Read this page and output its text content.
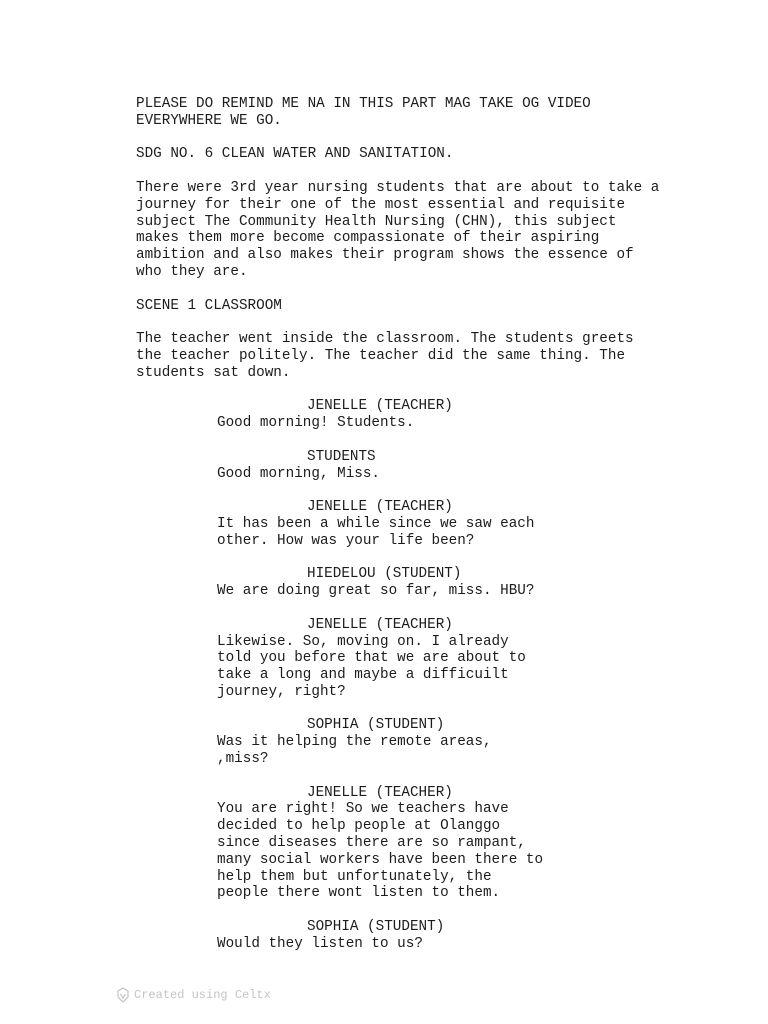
PLEASE DO REMIND ME NA IN THIS PART MAG TAKE OG VIDEO
EVERYWHERE WE GO.
SDG NO. 6 CLEAN WATER AND SANITATION.
There were 3rd year nursing students that are about to take a
journey for their one of the most essential and requisite
subject The Community Health Nursing (CHN), this subject
makes them more become compassionate of their aspiring
ambition and also makes their program shows the essence of
who they are.
SCENE 1 CLASSROOM
The teacher went inside the classroom. The students greets
the teacher politely. The teacher did the same thing. The
students sat down.
JENELLE (TEACHER)
Good morning! Students.
STUDENTS
Good morning, Miss.
JENELLE (TEACHER)
It has been a while since we saw each
other. How was your life been?
HIEDELOU (STUDENT)
We are doing great so far, miss. HBU?
JENELLE (TEACHER)
Likewise. So, moving on. I already
told you before that we are about to
take a long and maybe a difficuilt
journey, right?
SOPHIA (STUDENT)
Was it helping the remote areas,
,miss?
JENELLE (TEACHER)
You are right! So we teachers have
decided to help people at Olanggo
since diseases there are so rampant,
many social workers have been there to
help them but unfortunately, the
people there wont listen to them.
SOPHIA (STUDENT)
Would they listen to us?
Created using Celtx
